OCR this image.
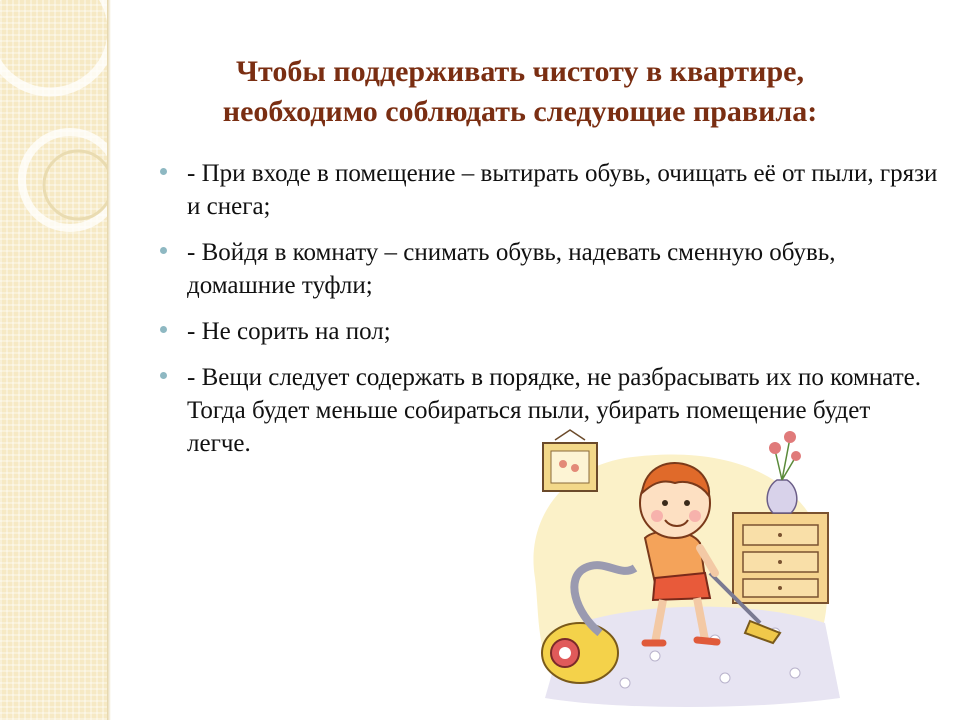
Чтобы поддерживать чистоту в квартире,
необходимо соблюдать следующие правила:
- При входе в помещение – вытирать обувь, очищать её от пыли, грязи и снега;
- Войдя в комнату – снимать обувь, надевать сменную обувь, домашние туфли;
- Не сорить на пол;
- Вещи следует содержать в порядке, не разбрасывать их по комнате. Тогда будет меньше собираться пыли, убирать помещение будет легче.
